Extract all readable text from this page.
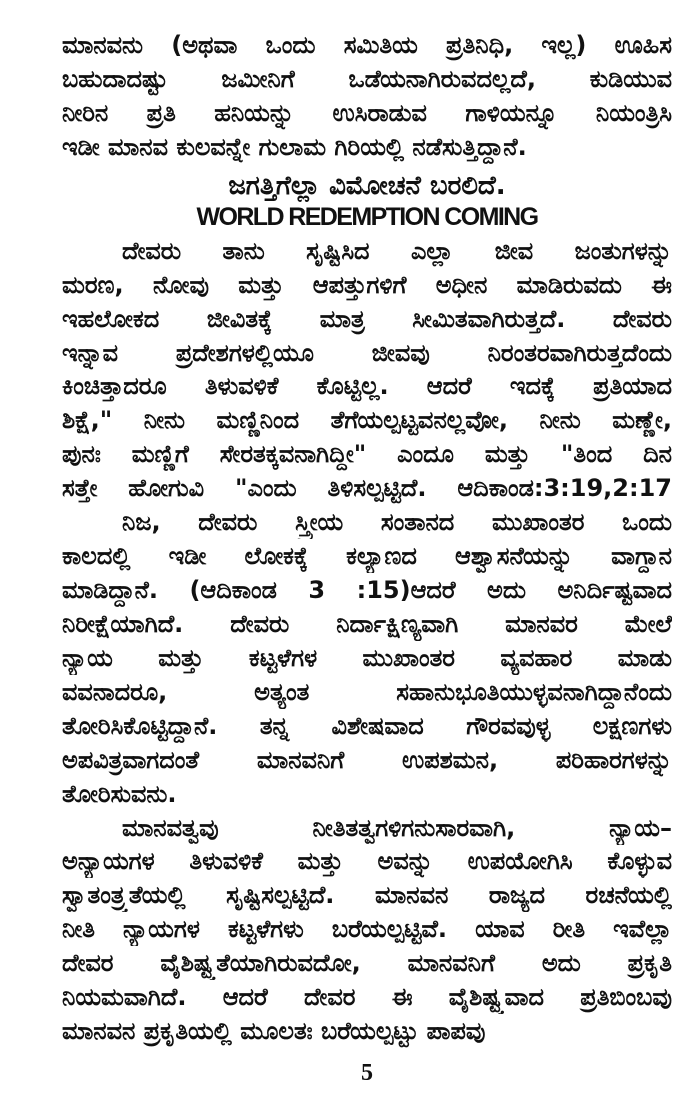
ಮಾನವನು (ಅಥವಾ ಒಂದು ಸಮಿತಿಯ ಪ್ರತಿನಿಧಿ, ಇಲ್ಲ) ಊಹಿಸ
ಬಹುದಾದಷ್ಟು ಜಮೀನಿಗೆ ಒಡೆಯನಾಗಿರುವದಲ್ಲದೆ, ಕುಡಿಯುವ
ನೀರಿನ ಪ್ರತಿ ಹನಿಯನ್ನು ಉಸಿರಾಡುವ ಗಾಳಿಯನ್ನೂ ನಿಯಂತ್ರಿಸಿ
ಇಡೀ ಮಾನವ ಕುಲವನ್ನೇ ಗುಲಾಮ ಗಿರಿಯಲ್ಲಿ ನಡೆಸುತ್ತಿದ್ದಾನೆ.
ಜಗತ್ತಿಗೆಲ್ಲಾ ವಿಮೋಚನೆ ಬರಲಿದೆ.
WORLD REDEMPTION COMING
ದೇವರು ತಾನು ಸೃಷ್ಟಿಸಿದ ಎಲ್ಲಾ ಜೀವ ಜಂತುಗಳನ್ನು
ಮರಣ, ನೋವು ಮತ್ತು ಆಪತ್ತುಗಳಿಗೆ ಅಧೀನ ಮಾಡಿರುವದು ಈ
ಇಹಲೋಕದ ಜೀವಿತಕ್ಕೆ ಮಾತ್ರ ಸೀಮಿತವಾಗಿರುತ್ತದೆ. ದೇವರು
ಇನ್ನಾವ ಪ್ರದೇಶಗಳಲ್ಲಿಯೂ ಜೀವವು ನಿರಂತರವಾಗಿರುತ್ತದೆಂದು
ಕಿಂಚಿತ್ತಾದರೂ ತಿಳುವಳಿಕೆ ಕೊಟ್ಟಿಲ್ಲ. ಆದರೆ ಇದಕ್ಕೆ ಪ್ರತಿಯಾದ
ಶಿಕ್ಷೆ," ನೀನು ಮಣ್ಣಿನಿಂದ ತೆಗೆಯಲ್ಪಟ್ಟವನಲ್ಲವೋ, ನೀನು ಮಣ್ಣೇ,
ಪುನಃ ಮಣ್ಣಿಗೆ ಸೇರತಕ್ಕವನಾಗಿದ್ದೀ" ಎಂದೂ ಮತ್ತು "ತಿಂದ ದಿನ
ಸತ್ತೇ ಹೋಗುವಿ "ಎಂದು ತಿಳಿಸಲ್ಪಟ್ಟಿದೆ. ಆದಿಕಾಂಡ:3:19,2:17
ನಿಜ, ದೇವರು ಸ್ತ್ರೀಯ ಸಂತಾನದ ಮುಖಾಂತರ ಒಂದು
ಕಾಲದಲ್ಲಿ ಇಡೀ ಲೋಕಕ್ಕೆ ಕಲ್ಯಾಣದ ಆಶ್ವಾಸನೆಯನ್ನು ವಾಗ್ದಾನ
ಮಾಡಿದ್ದಾನೆ. (ಆದಿಕಾಂಡ 3 :15)ಆದರೆ ಅದು ಅನಿರ್ದಿಷ್ಟವಾದ
ನಿರೀಕ್ಷೆಯಾಗಿದೆ. ದೇವರು ನಿರ್ದಾಕ್ಷಿಣ್ಯವಾಗಿ ಮಾನವರ ಮೇಲೆ
ನ್ಯಾಯ ಮತ್ತು ಕಟ್ಟಳೆಗಳ ಮುಖಾಂತರ ವ್ಯವಹಾರ ಮಾಡು
ವವನಾದರೂ, ಅತ್ಯಂತ ಸಹಾನುಭೂತಿಯುಳ್ಳವನಾಗಿದ್ದಾನೆಂದು
ತೋರಿಸಿಕೊಟ್ಟಿದ್ದಾನೆ. ತನ್ನ ವಿಶೇಷವಾದ ಗೌರವವುಳ್ಳ ಲಕ್ಷಣಗಳು
ಅಪವಿತ್ರವಾಗದಂತೆ ಮಾನವನಿಗೆ ಉಪಶಮನ, ಪರಿಹಾರಗಳನ್ನು
ತೋರಿಸುವನು.
ಮಾನವತ್ವವು ನೀತಿತತ್ವಗಳಿಗನುಸಾರವಾಗಿ, ನ್ಯಾಯ–
ಅನ್ಯಾಯಗಳ ತಿಳುವಳಿಕೆ ಮತ್ತು ಅವನ್ನು ಉಪಯೋಗಿಸಿ ಕೊಳ್ಳುವ
ಸ್ವಾತಂತ್ರ್ಯತೆಯಲ್ಲಿ ಸೃಷ್ಟಿಸಲ್ಪಟ್ಟಿದೆ. ಮಾನವನ ರಾಜ್ಯದ ರಚನೆಯಲ್ಲಿ
ನೀತಿ ನ್ಯಾಯಗಳ ಕಟ್ಟಳೆಗಳು ಬರೆಯಲ್ಪಟ್ಟಿವೆ. ಯಾವ ರೀತಿ ಇವೆಲ್ಲಾ
5
ದೇವರ ವೈಶಿಷ್ಟ್ಯತೆಯಾಗಿರುವದೋ, ಮಾನವನಿಗೆ ಅದು ಪ್ರಕೃತಿ
ನಿಯಮವಾಗಿದೆ. ಆದರೆ ದೇವರ ಈ ವೈಶಿಷ್ಟ್ಯವಾದ ಪ್ರತಿಬಿಂಬವು
ಮಾನವನ ಪ್ರಕೃತಿಯಲ್ಲಿ ಮೂಲತಃ ಬರೆಯಲ್ಪಟ್ಟು ಪಾಪವು
